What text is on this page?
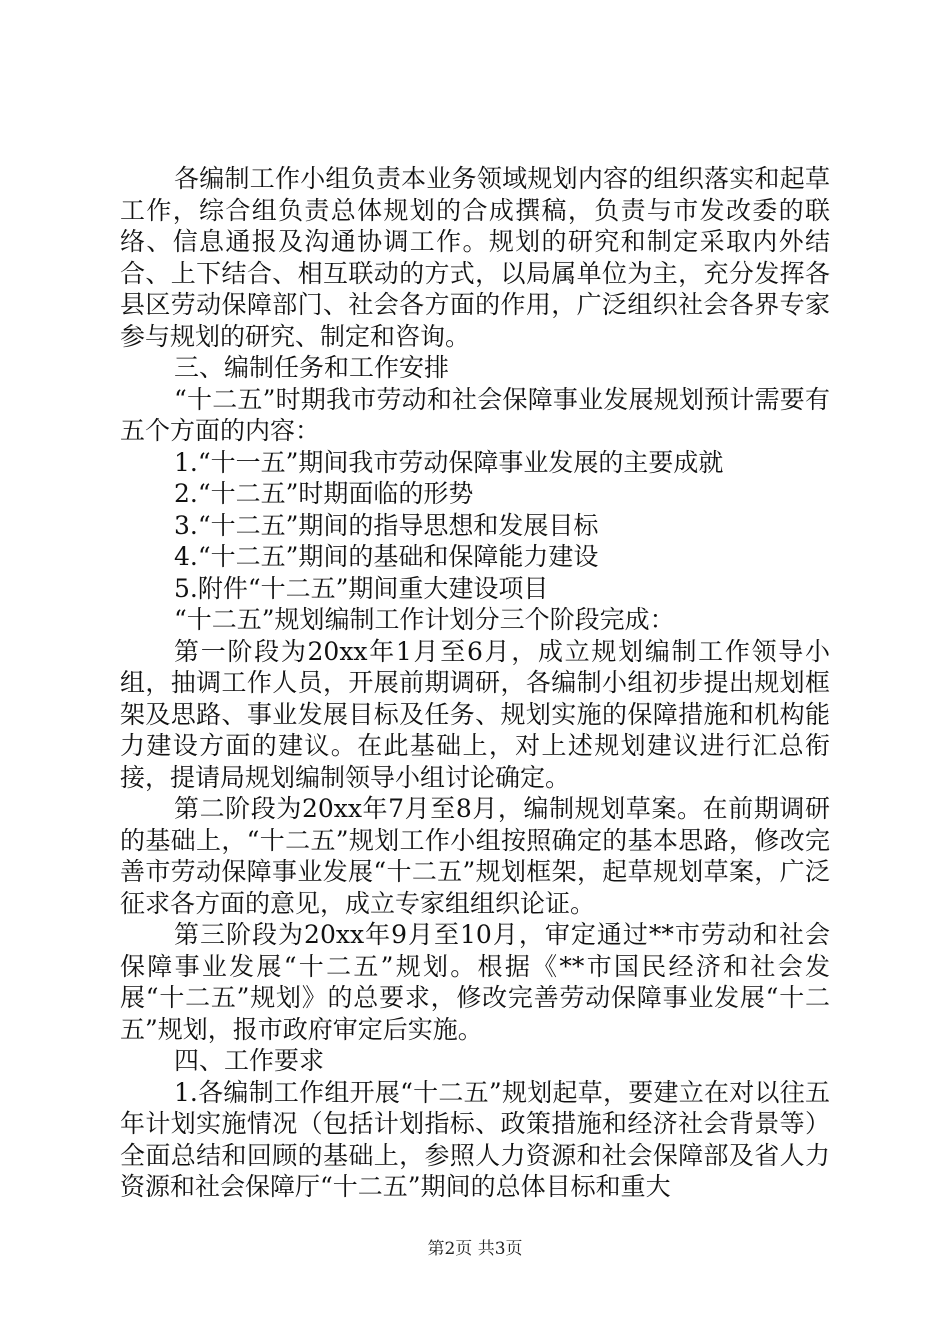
各编制工作小组负责本业务领域规划内容的组织落实和起草工作，综合组负责总体规划的合成撰稿，负责与市发改委的联络、信息通报及沟通协调工作。规划的研究和制定采取内外结合、上下结合、相互联动的方式，以局属单位为主，充分发挥各县区劳动保障部门、社会各方面的作用，广泛组织社会各界专家参与规划的研究、制定和咨询。

三、编制任务和工作安排

“十二五”时期我市劳动和社会保障事业发展规划预计需要有五个方面的内容：

1.“十一五”期间我市劳动保障事业发展的主要成就

2.“十二五”时期面临的形势

3.“十二五”期间的指导思想和发展目标

4.“十二五”期间的基础和保障能力建设

5.附件“十二五”期间重大建设项目

“十二五”规划编制工作计划分三个阶段完成：

第一阶段为20xx年1月至6月，成立规划编制工作领导小组，抽调工作人员，开展前期调研，各编制小组初步提出规划框架及思路、事业发展目标及任务、规划实施的保障措施和机构能力建设方面的建议。在此基础上，对上述规划建议进行汇总衔接，提请局规划编制领导小组讨论确定。

第二阶段为20xx年7月至8月，编制规划草案。在前期调研的基础上，“十二五”规划工作小组按照确定的基本思路，修改完善市劳动保障事业发展“十二五”规划框架，起草规划草案，广泛征求各方面的意见，成立专家组组织论证。

第三阶段为20xx年9月至10月，审定通过**市劳动和社会保障事业发展“十二五”规划。根据《**市国民经济和社会发展“十二五”规划》的总要求，修改完善劳动保障事业发展“十二五”规划，报市政府审定后实施。

四、工作要求

1.各编制工作组开展“十二五”规划起草，要建立在对以往五年计划实施情况（包括计划指标、政策措施和经济社会背景等）全面总结和回顾的基础上，参照人力资源和社会保障部及省人力资源和社会保障厅“十二五”期间的总体目标和重大

第2页 共3页
